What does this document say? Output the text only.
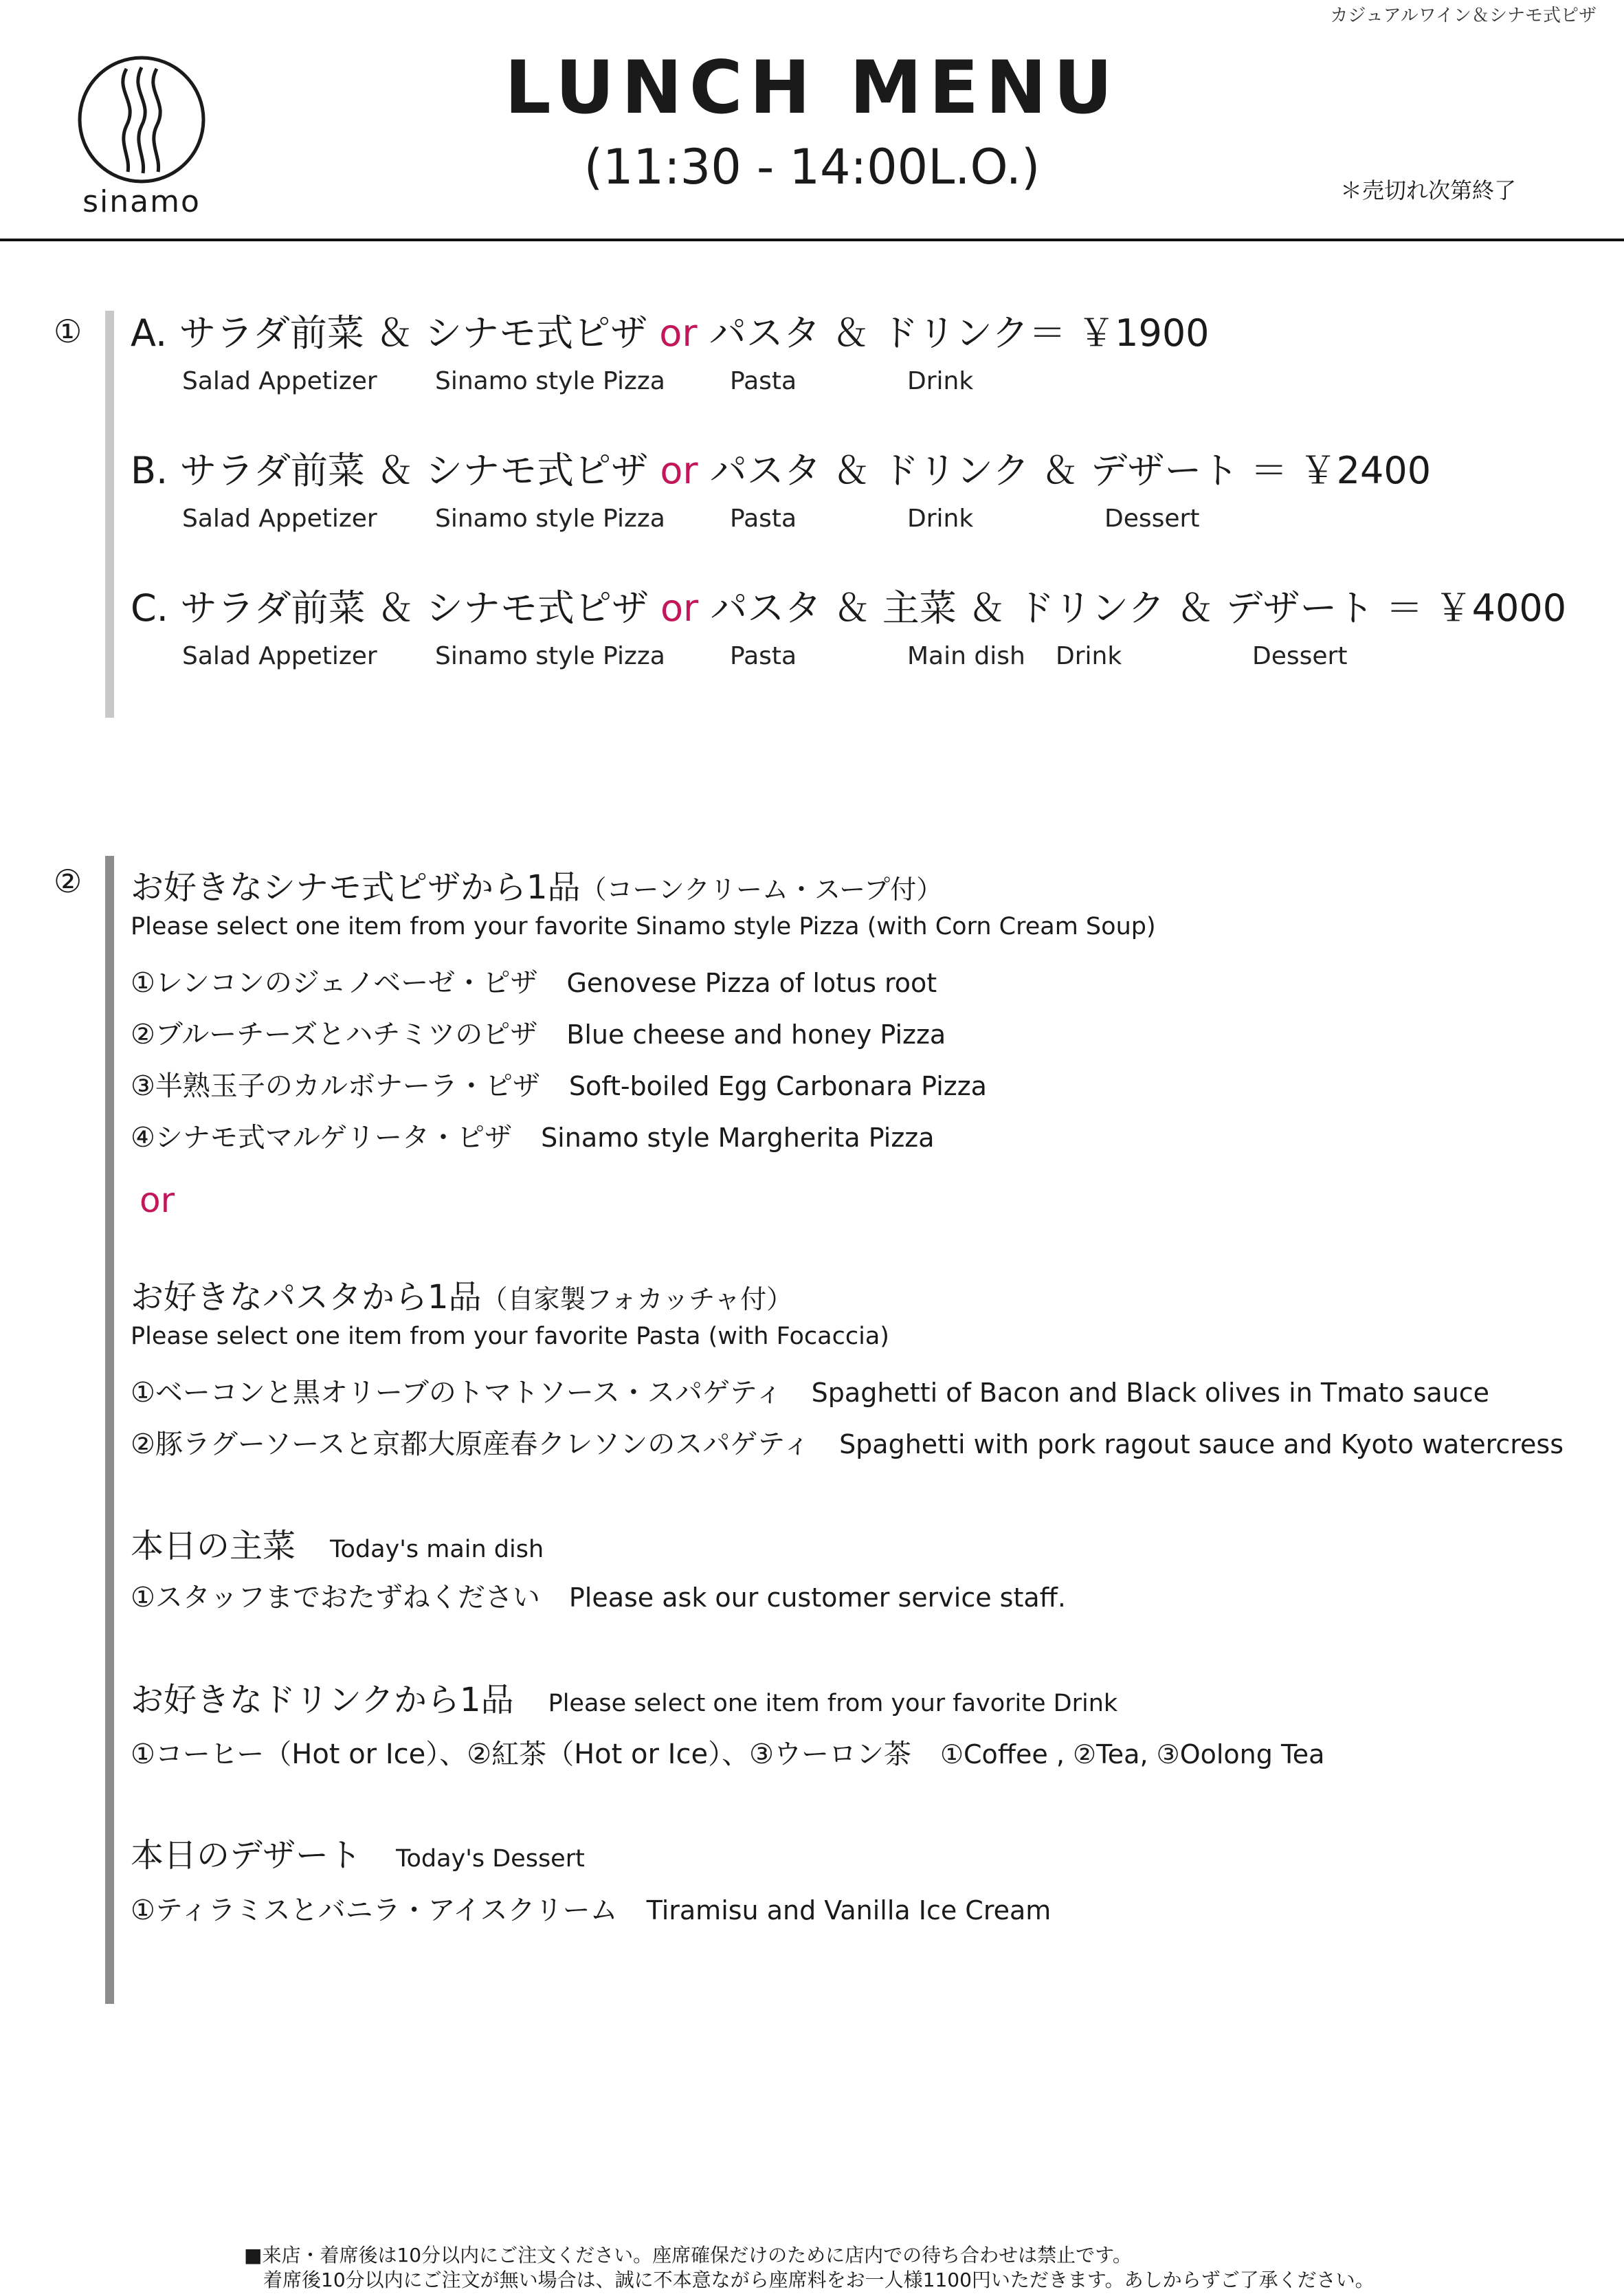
カジュアルワイン＆シナモ式ピザ
sinamo
LUNCH MENU
(11:30 - 14:00L.O.)	＊売切れ次第終了
① A. サラダ前菜 ＆ シナモ式ピザ or パスタ ＆ ドリンク＝ ￥1900
Salad Appetizer Sinamo style Pizza	Pasta	Drink
B. サラダ前菜 ＆ シナモ式ピザ or パスタ ＆ ドリンク ＆ デザート ＝ ￥2400
Salad Appetizer Sinamo style Pizza	Pasta	Drink	Dessert
C. サラダ前菜 ＆ シナモ式ピザ or パスタ ＆ 主菜 ＆ ドリンク ＆ デザート ＝ ￥4000
Salad Appetizer Sinamo style Pizza	Pasta	Main dish Drink	Dessert
② お好きなシナモ式ピザから1品（コーンクリーム・スープ付）
Please select one item from your favorite Sinamo style Pizza (with Corn Cream Soup)
①レンコンのジェノベーゼ・ピザ Genovese Pizza of lotus root
②ブルーチーズとハチミツのピザ Blue cheese and honey Pizza
③半熟玉子のカルボナーラ・ピザ Soft-boiled Egg Carbonara Pizza
④シナモ式マルゲリータ・ピザ Sinamo style Margherita Pizza
or
お好きなパスタから1品（自家製フォカッチャ付）
Please select one item from your favorite Pasta (with Focaccia)
①ベーコンと黒オリーブのトマトソース・スパゲティ Spaghetti of Bacon and Black olives in Tmato sauce
②豚ラグーソースと京都大原産春クレソンのスパゲティ Spaghetti with pork ragout sauce and Kyoto watercress
本日の主菜 Today's main dish
①スタッフまでおたずねください Please ask our customer service staff.
お好きなドリンクから1品 Please select one item from your favorite Drink
①コーヒー（Hot or Ice）、②紅茶（Hot or Ice）、③ウーロン茶 ①Coffee , ②Tea, ③Oolong Tea
本日のデザート Today's Dessert
①ティラミスとバニラ・アイスクリーム Tiramisu and Vanilla Ice Cream
■来店・着席後は10分以内にご注文ください。座席確保だけのために店内での待ち合わせは禁止です。
着席後10分以内にご注文が無い場合は、誠に不本意ながら座席料をお一人様1100円いただきます。あしからずご了承ください。
